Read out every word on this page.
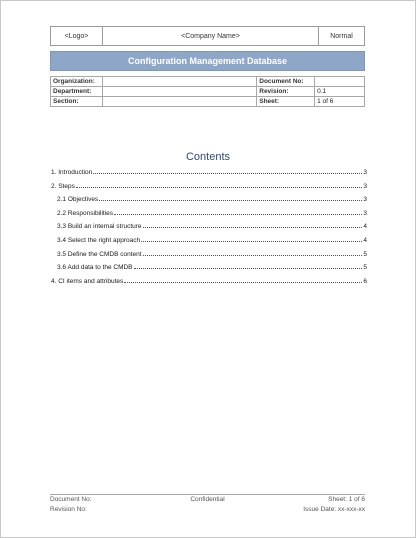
<Logo>	<Company Name>	Normal
Configuration Management Database
Organization:		Document No:	
Department:		Revision:	0.1
Section:		Sheet:	1 of 6
Contents
1. Introduction	3
2. Steps	3
2.1 Objectives	3
2.2 Responsibilities	3
3.3 Build an internal structure	4
3.4 Select the right approach	4
3.5 Define the CMDB content	5
3.6 Add data to the CMDB	5
4. CI items and attributes	6
Document No:	Confidential	Sheet: 1 of 6
Revision No:	Issue Date: xx-xxx-xx
